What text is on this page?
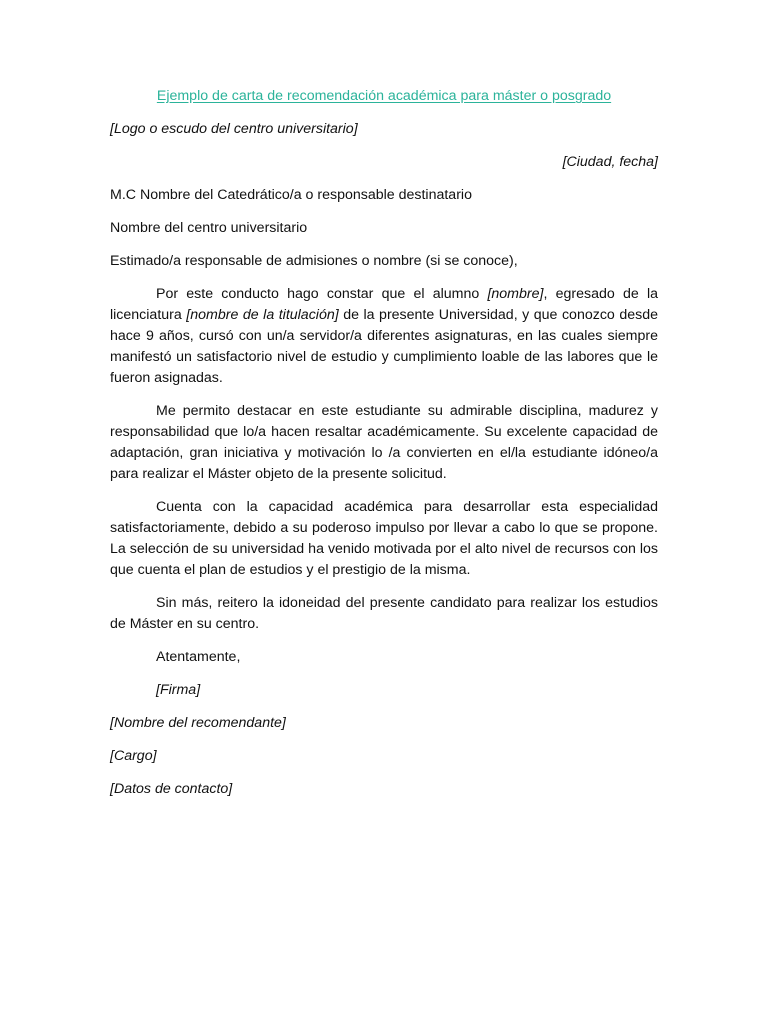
Ejemplo de carta de recomendación académica para máster o posgrado
[Logo o escudo del centro universitario]
[Ciudad, fecha]
M.C Nombre del Catedrático/a o responsable destinatario
Nombre del centro universitario
Estimado/a responsable de admisiones o nombre (si se conoce),

Por este conducto hago constar que el alumno [nombre], egresado de la licenciatura [nombre de la titulación] de la presente Universidad, y que conozco desde hace 9 años, cursó con un/a servidor/a diferentes asignaturas, en las cuales siempre manifestó un satisfactorio nivel de estudio y cumplimiento loable de las labores que le fueron asignadas.

Me permito destacar en este estudiante su admirable disciplina, madurez y responsabilidad que lo/a hacen resaltar académicamente. Su excelente capacidad de adaptación, gran iniciativa y motivación lo /a convierten en el/la estudiante idóneo/a para realizar el Máster objeto de la presente solicitud.

Cuenta con la capacidad académica para desarrollar esta especialidad satisfactoriamente, debido a su poderoso impulso por llevar a cabo lo que se propone. La selección de su universidad ha venido motivada por el alto nivel de recursos con los que cuenta el plan de estudios y el prestigio de la misma.

Sin más, reitero la idoneidad del presente candidato para realizar los estudios de Máster en su centro.

Atentamente,
[Firma]
[Nombre del recomendante]
[Cargo]
[Datos de contacto]
